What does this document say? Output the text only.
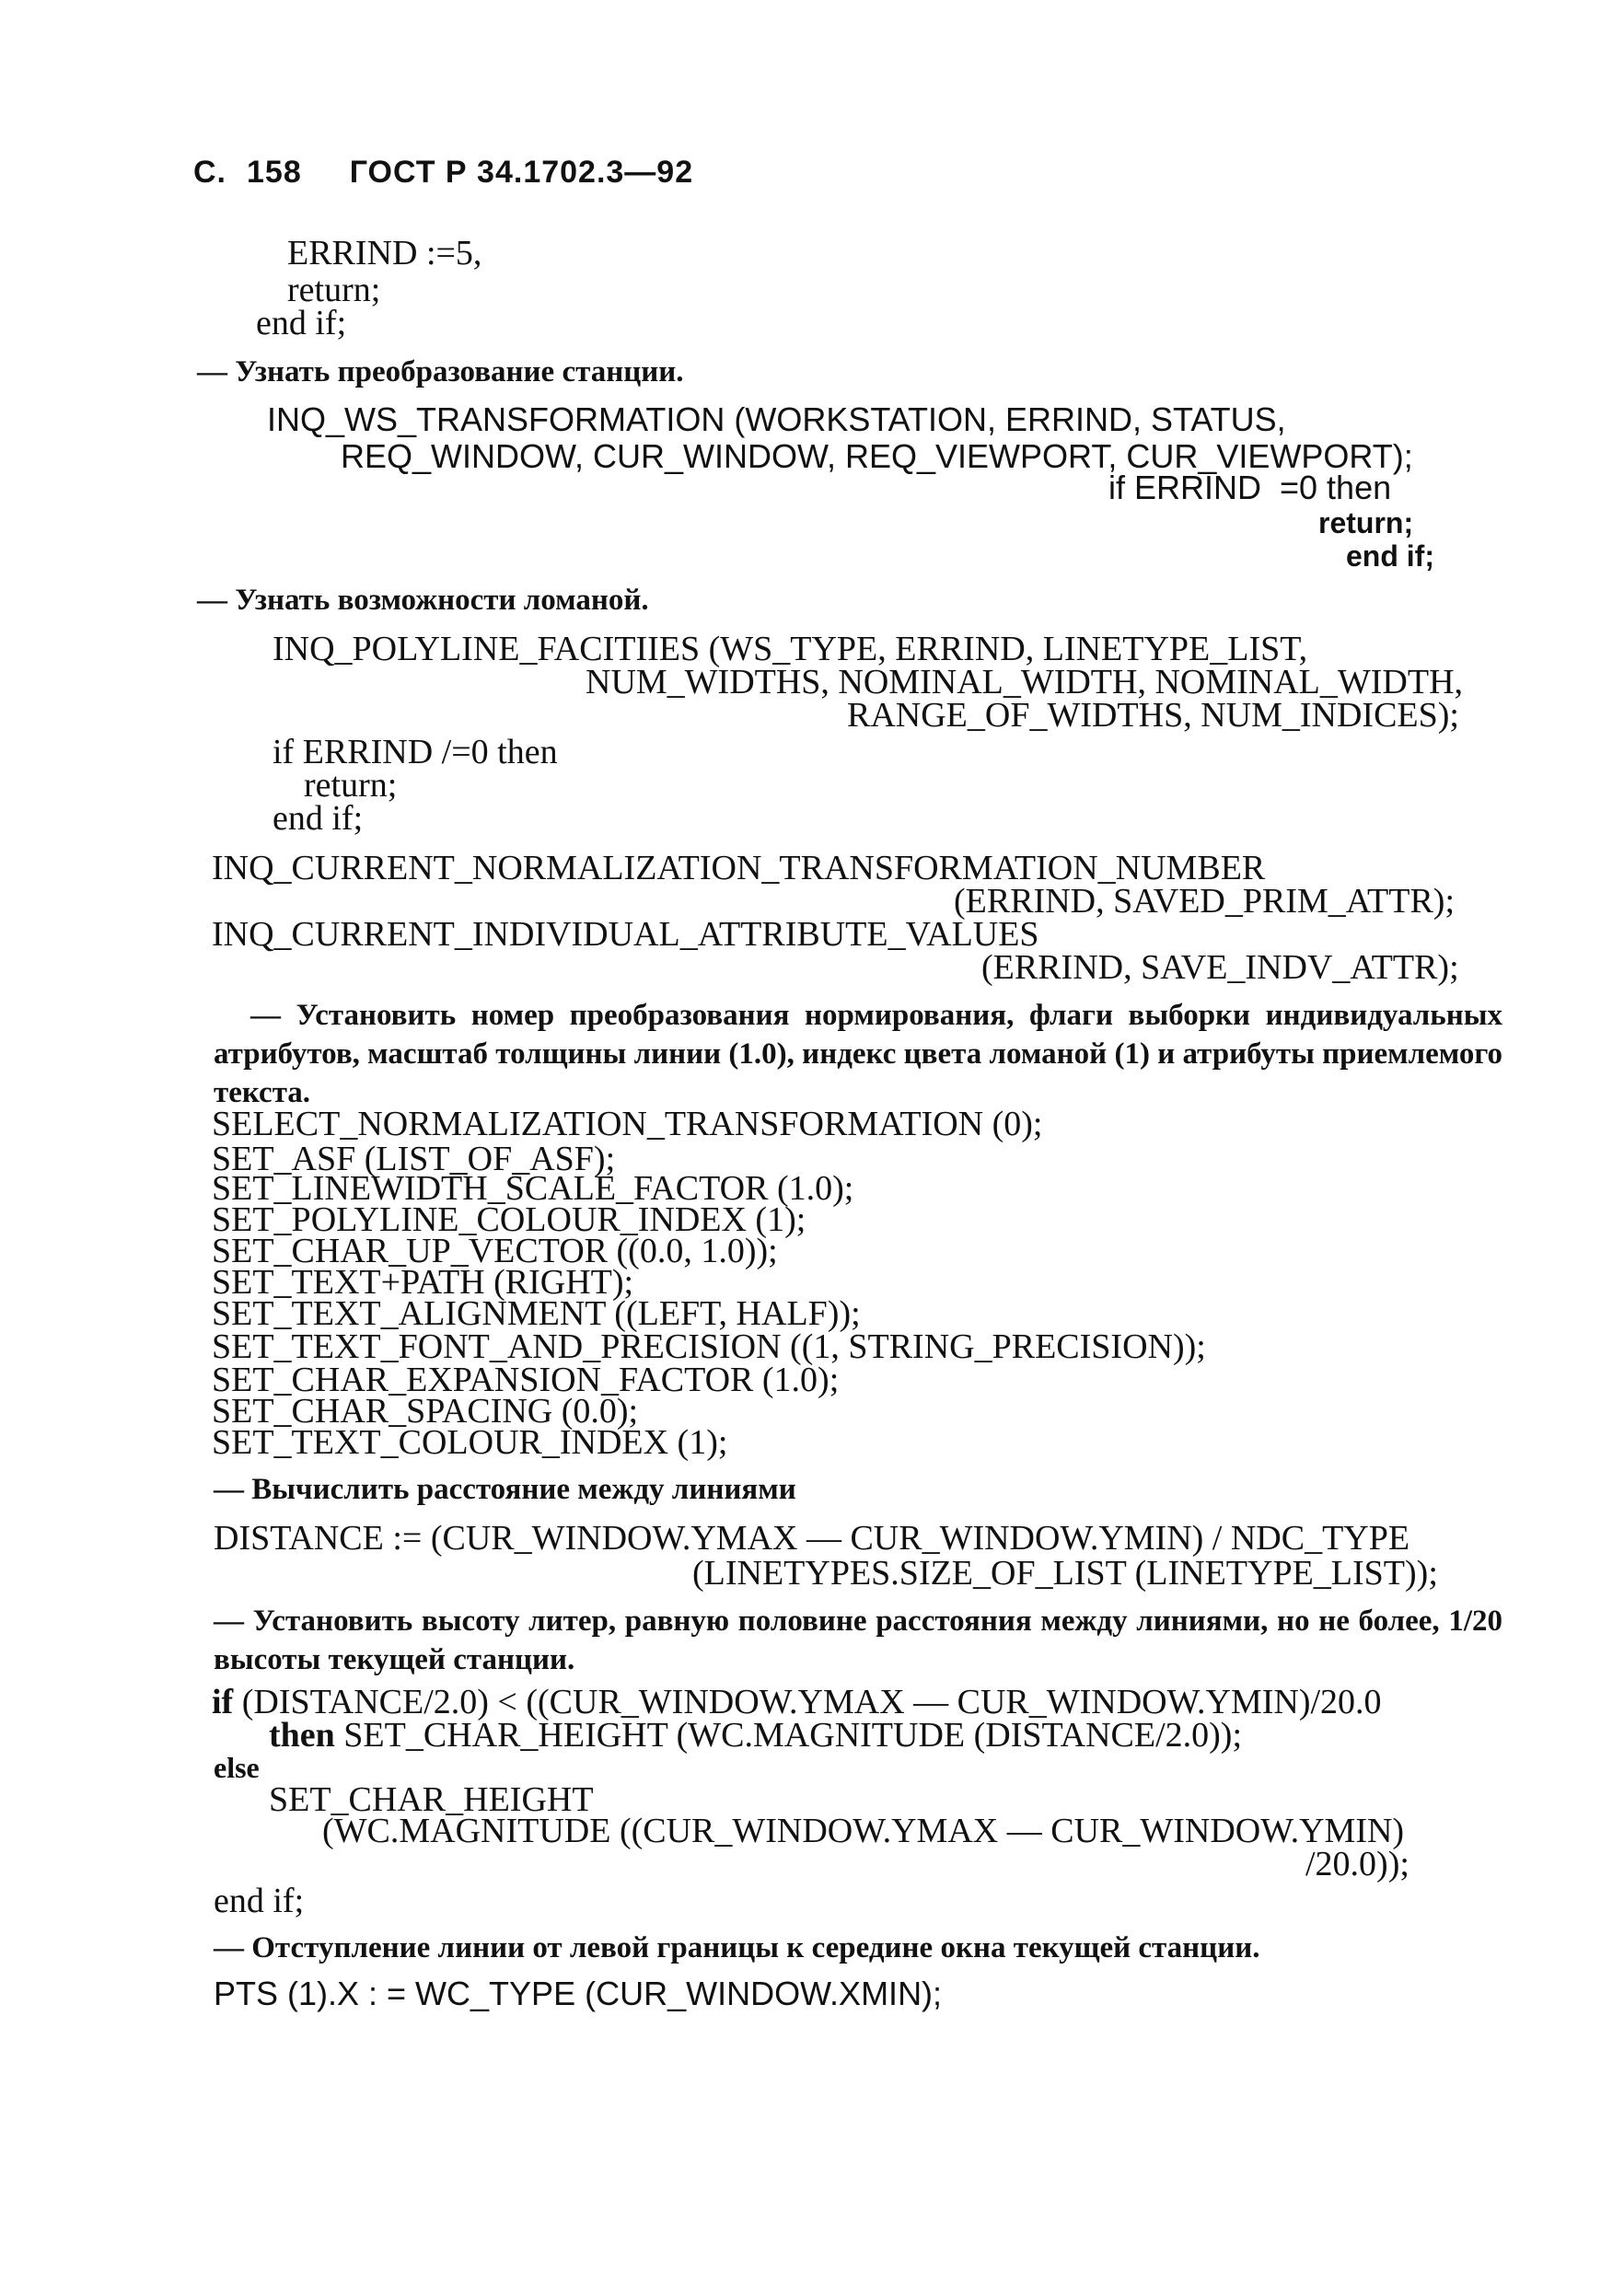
С. 158 ГОСТ Р 34.1702.3—92
ERRIND :=5,
return;
end if;
— Узнать преобразование станции.
INQ_WS_TRANSFORMATION (WORKSTATION, ERRIND, STATUS,
REQ_WINDOW, CUR_WINDOW, REQ_VIEWPORT, CUR_VIEWPORT);
if ERRIND  =0 then
return;
end if;
— Узнать возможности ломаной.
INQ_POLYLINE_FACITIIES (WS_TYPE, ERRIND, LINETYPE_LIST,
NUM_WIDTHS, NOMINAL_WIDTH, NOMINAL_WIDTH,
RANGE_OF_WIDTHS, NUM_INDICES);
if ERRIND /=0 then
return;
end if;
INQ_CURRENT_NORMALIZATION_TRANSFORMATION_NUMBER
(ERRIND, SAVED_PRIM_ATTR);
INQ_CURRENT_INDIVIDUAL_ATTRIBUTE_VALUES
(ERRIND, SAVE_INDV_ATTR);
— Установить номер преобразования нормирования, флаги выборки индивидуальных атрибутов, масштаб толщины линии (1.0), индекс цвета ломаной (1) и атрибуты приемлемого текста.
SELECT_NORMALIZATION_TRANSFORMATION (0);
SET_ASF (LIST_OF_ASF);
SET_LINEWIDTH_SCALE_FACTOR (1.0);
SET_POLYLINE_COLOUR_INDEX (1);
SET_CHAR_UP_VECTOR ((0.0, 1.0));
SET_TEXT+PATH (RIGHT);
SET_TEXT_ALIGNMENT ((LEFT, HALF));
SET_TEXT_FONT_AND_PRECISION ((1, STRING_PRECISION));
SET_CHAR_EXPANSION_FACTOR (1.0);
SET_CHAR_SPACING (0.0);
SET_TEXT_COLOUR_INDEX (1);
— Вычислить расстояние между линиями
DISTANCE := (CUR_WINDOW.YMAX — CUR_WINDOW.YMIN) / NDC_TYPE
(LINETYPES.SIZE_OF_LIST (LINETYPE_LIST));
— Установить высоту литер, равную половине расстояния между линиями, но не более, 1/20 высоты текущей станции.
if (DISTANCE/2.0) < ((CUR_WINDOW.YMAX — CUR_WINDOW.YMIN)/20.0
then SET_CHAR_HEIGHT (WC.MAGNITUDE (DISTANCE/2.0));
else
SET_CHAR_HEIGHT
(WC.MAGNITUDE ((CUR_WINDOW.YMAX — CUR_WINDOW.YMIN)
/20.0));
end if;
— Отступление линии от левой границы к середине окна текущей станции.
PTS (1).X : = WC_TYPE (CUR_WINDOW.XMIN);
